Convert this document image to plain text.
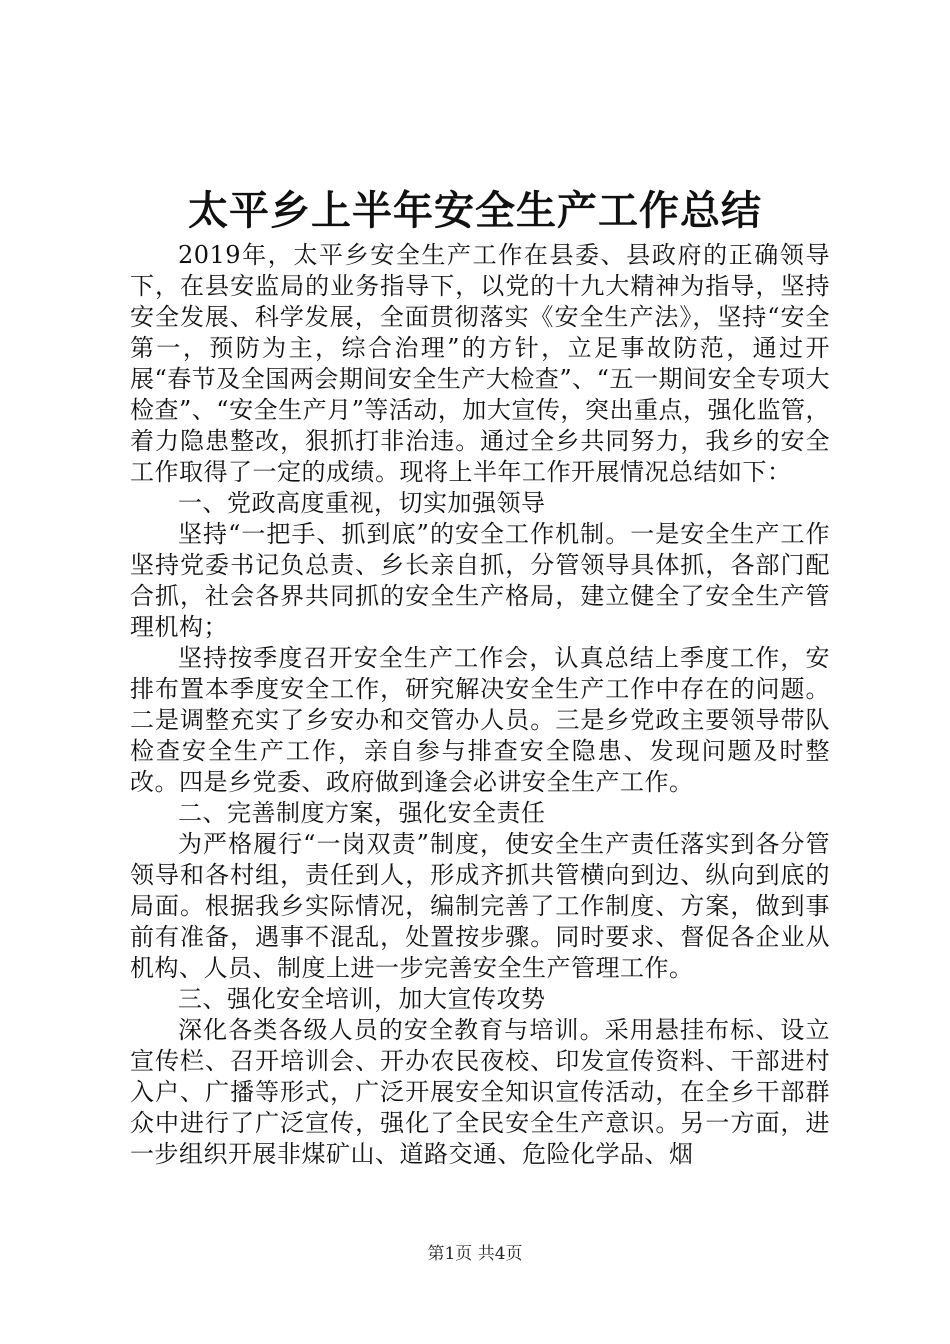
太平乡上半年安全生产工作总结

2019年，太平乡安全生产工作在县委、县政府的正确领导下，在县安监局的业务指导下，以党的十九大精神为指导，坚持安全发展、科学发展，全面贯彻落实《安全生产法》，坚持“安全第一，预防为主，综合治理”的方针，立足事故防范，通过开展“春节及全国两会期间安全生产大检查”、“五一期间安全专项大检查”、“安全生产月”等活动，加大宣传，突出重点，强化监管，着力隐患整改，狠抓打非治违。通过全乡共同努力，我乡的安全工作取得了一定的成绩。现将上半年工作开展情况总结如下：

一、党政高度重视，切实加强领导

坚持“一把手、抓到底”的安全工作机制。一是安全生产工作坚持党委书记负总责、乡长亲自抓，分管领导具体抓，各部门配合抓，社会各界共同抓的安全生产格局，建立健全了安全生产管理机构；

坚持按季度召开安全生产工作会，认真总结上季度工作，安排布置本季度安全工作，研究解决安全生产工作中存在的问题。二是调整充实了乡安办和交管办人员。三是乡党政主要领导带队检查安全生产工作，亲自参与排查安全隐患、发现问题及时整改。四是乡党委、政府做到逢会必讲安全生产工作。

二、完善制度方案，强化安全责任

为严格履行“一岗双责”制度，使安全生产责任落实到各分管领导和各村组，责任到人，形成齐抓共管横向到边、纵向到底的局面。根据我乡实际情况，编制完善了工作制度、方案，做到事前有准备，遇事不混乱，处置按步骤。同时要求、督促各企业从机构、人员、制度上进一步完善安全生产管理工作。

三、强化安全培训，加大宣传攻势

深化各类各级人员的安全教育与培训。采用悬挂布标、设立宣传栏、召开培训会、开办农民夜校、印发宣传资料、干部进村入户、广播等形式，广泛开展安全知识宣传活动，在全乡干部群众中进行了广泛宣传，强化了全民安全生产意识。另一方面，进一步组织开展非煤矿山、道路交通、危险化学品、烟

第1页 共4页
